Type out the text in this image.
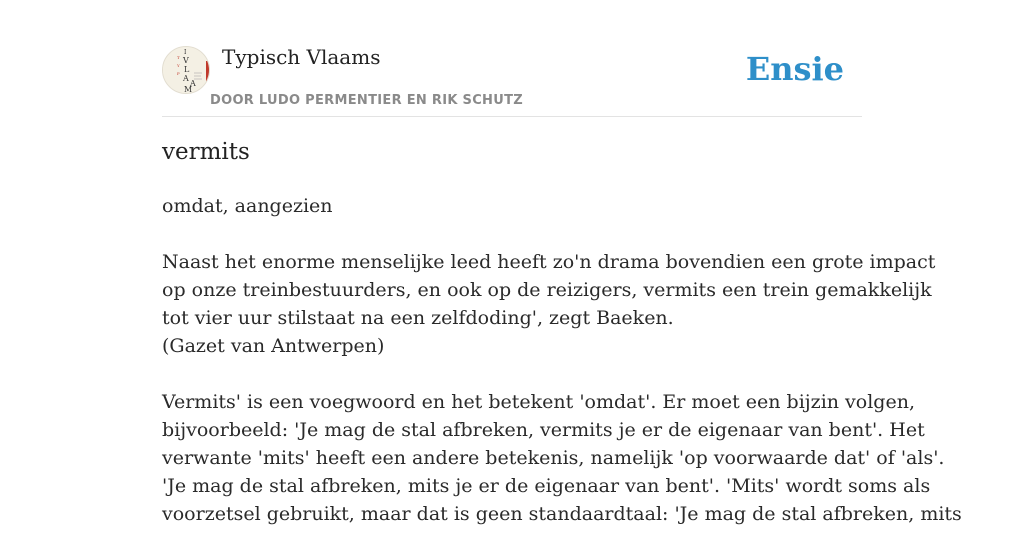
I
V
L
A
A
M
T
Y
P
Typisch Vlaams
DOOR LUDO PERMENTIER EN RIK SCHUTZ
Ensie
vermits

omdat, aangezien

Naast het enorme menselijke leed heeft zo'n drama bovendien een grote impact
op onze treinbestuurders, en ook op de reizigers, vermits een trein gemakkelijk
tot vier uur stilstaat na een zelfdoding', zegt Baeken.
(Gazet van Antwerpen)

Vermits' is een voegwoord en het betekent 'omdat'. Er moet een bijzin volgen,
bijvoorbeeld: 'Je mag de stal afbreken, vermits je er de eigenaar van bent'. Het
verwante 'mits' heeft een andere betekenis, namelijk 'op voorwaarde dat' of 'als'.
'Je mag de stal afbreken, mits je er de eigenaar van bent'. 'Mits' wordt soms als
voorzetsel gebruikt, maar dat is geen standaardtaal: 'Je mag de stal afbreken, mits
